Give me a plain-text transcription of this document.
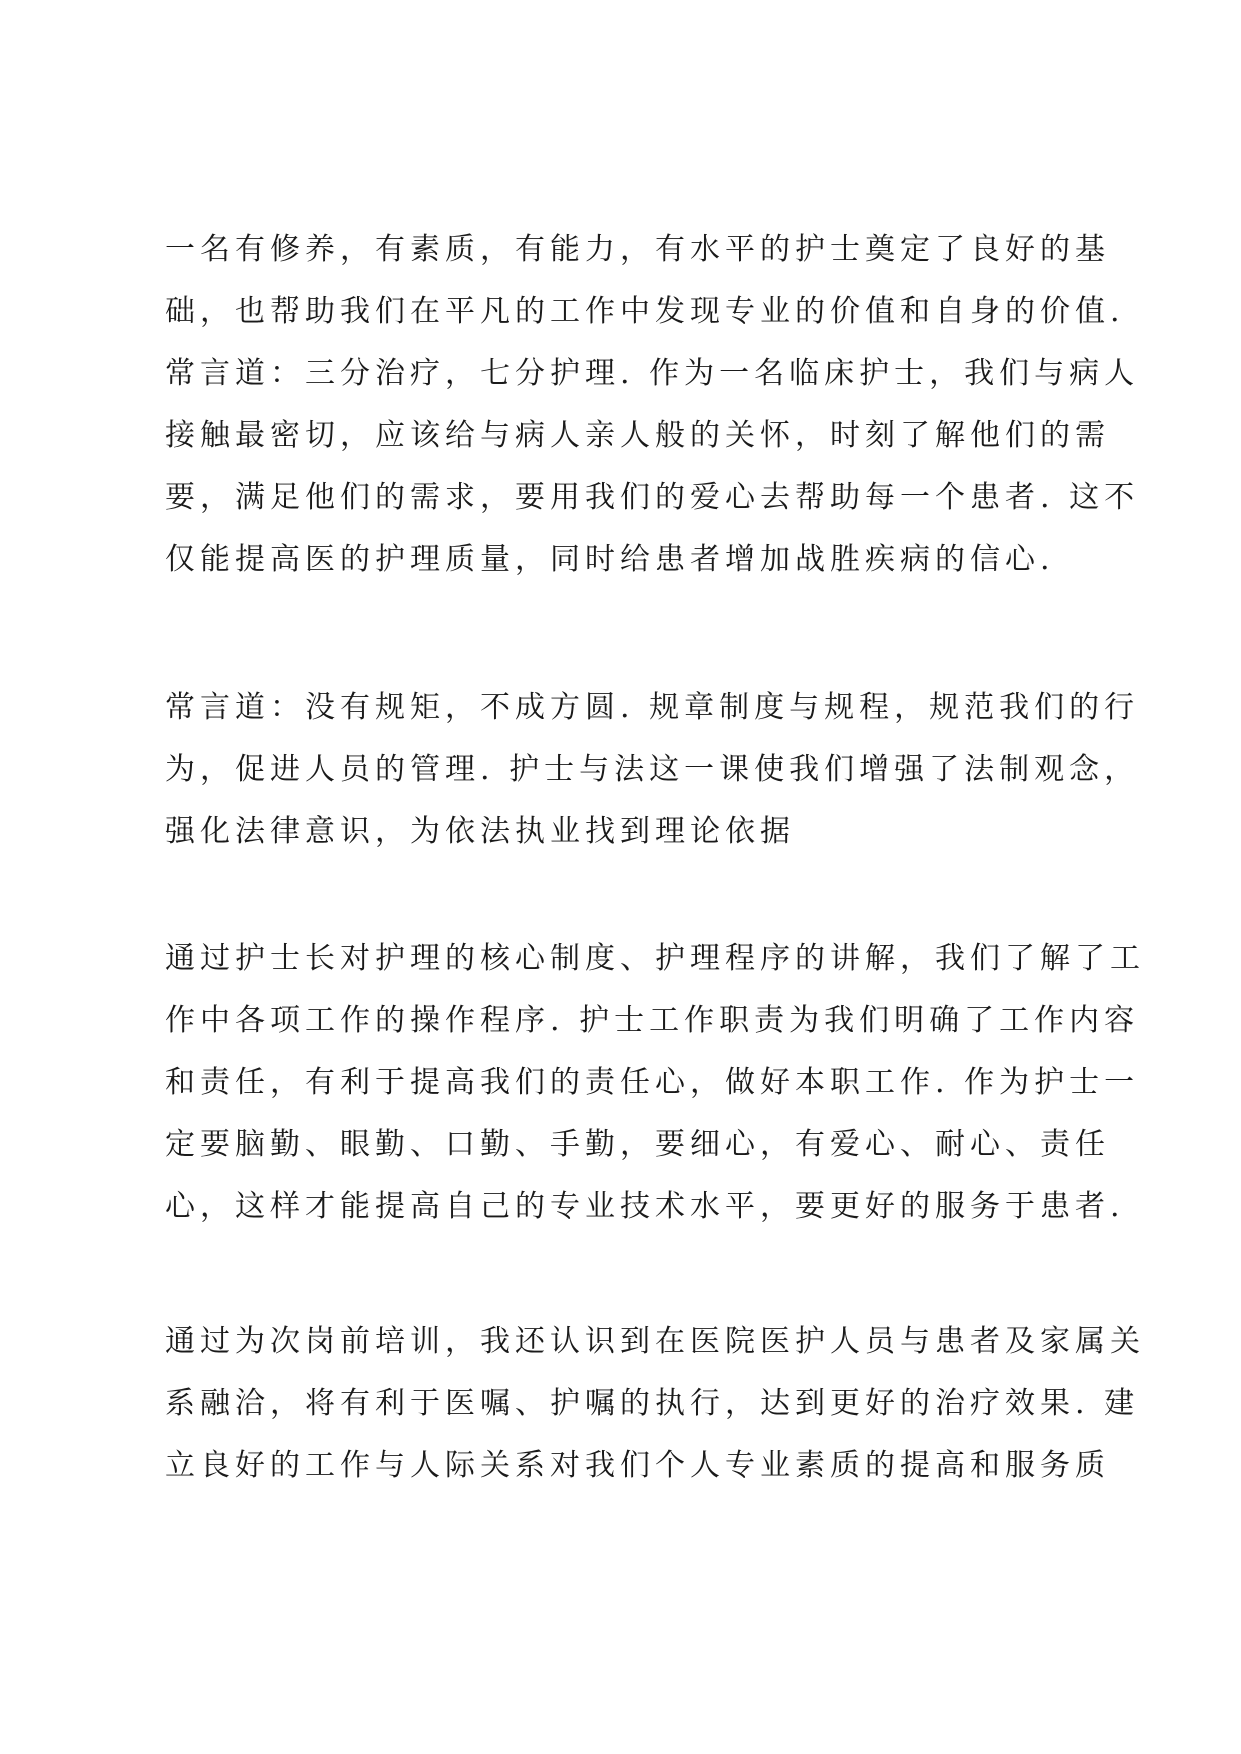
一名有修养，有素质，有能力，有水平的护士奠定了良好的基
础，也帮助我们在平凡的工作中发现专业的价值和自身的价值.
常言道：三分治疗，七分护理. 作为一名临床护士，我们与病人
接触最密切，应该给与病人亲人般的关怀，时刻了解他们的需
要，满足他们的需求，要用我们的爱心去帮助每一个患者. 这不
仅能提高医的护理质量，同时给患者增加战胜疾病的信心.
常言道：没有规矩，不成方圆. 规章制度与规程，规范我们的行
为，促进人员的管理. 护士与法这一课使我们增强了法制观念，
强化法律意识，为依法执业找到理论依据
通过护士长对护理的核心制度、护理程序的讲解，我们了解了工
作中各项工作的操作程序. 护士工作职责为我们明确了工作内容
和责任，有利于提高我们的责任心，做好本职工作. 作为护士一
定要脑勤、眼勤、口勤、手勤，要细心，有爱心、耐心、责任
心，这样才能提高自己的专业技术水平，要更好的服务于患者.
通过为次岗前培训，我还认识到在医院医护人员与患者及家属关
系融洽，将有利于医嘱、护嘱的执行，达到更好的治疗效果. 建
立良好的工作与人际关系对我们个人专业素质的提高和服务质
